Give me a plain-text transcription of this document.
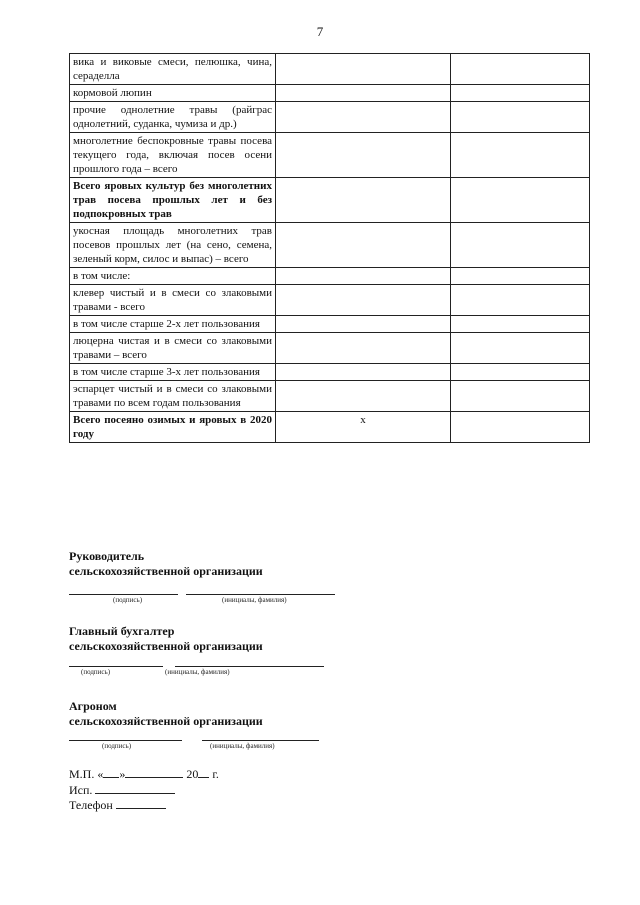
7
вика и виковые смеси, пелюшка, чина, сераделла		
кормовой люпин		
прочие однолетние травы (райграс однолетний, суданка, чумиза и др.)		
многолетние беспокровные травы посева текущего года, включая посев осени прошлого года – всего		
Всего яровых культур без многолетних трав посева прошлых лет и без подпокровных трав		
укосная площадь многолетних трав посевов прошлых лет (на сено, семена, зеленый корм, силос и выпас) – всего		
в том числе:		
клевер чистый и в смеси со злаковыми травами - всего		
в том числе старше 2-х лет пользования		
люцерна чистая и в смеси со злаковыми травами – всего		
в том числе старше 3-х лет пользования		
эспарцет чистый и в смеси со злаковыми травами по всем годам пользования		
Всего посеяно озимых и яровых в 2020 году	х	
Руководитель
сельскохозяйственной организации
(подпись)	(инициалы, фамилия)
Главный бухгалтер
сельскохозяйственной организации
(подпись)	(инициалы, фамилия)
Агроном
сельскохозяйственной организации
(подпись)	(инициалы, фамилия)
М.П. « »	20 г.
Исп.
Телефон
